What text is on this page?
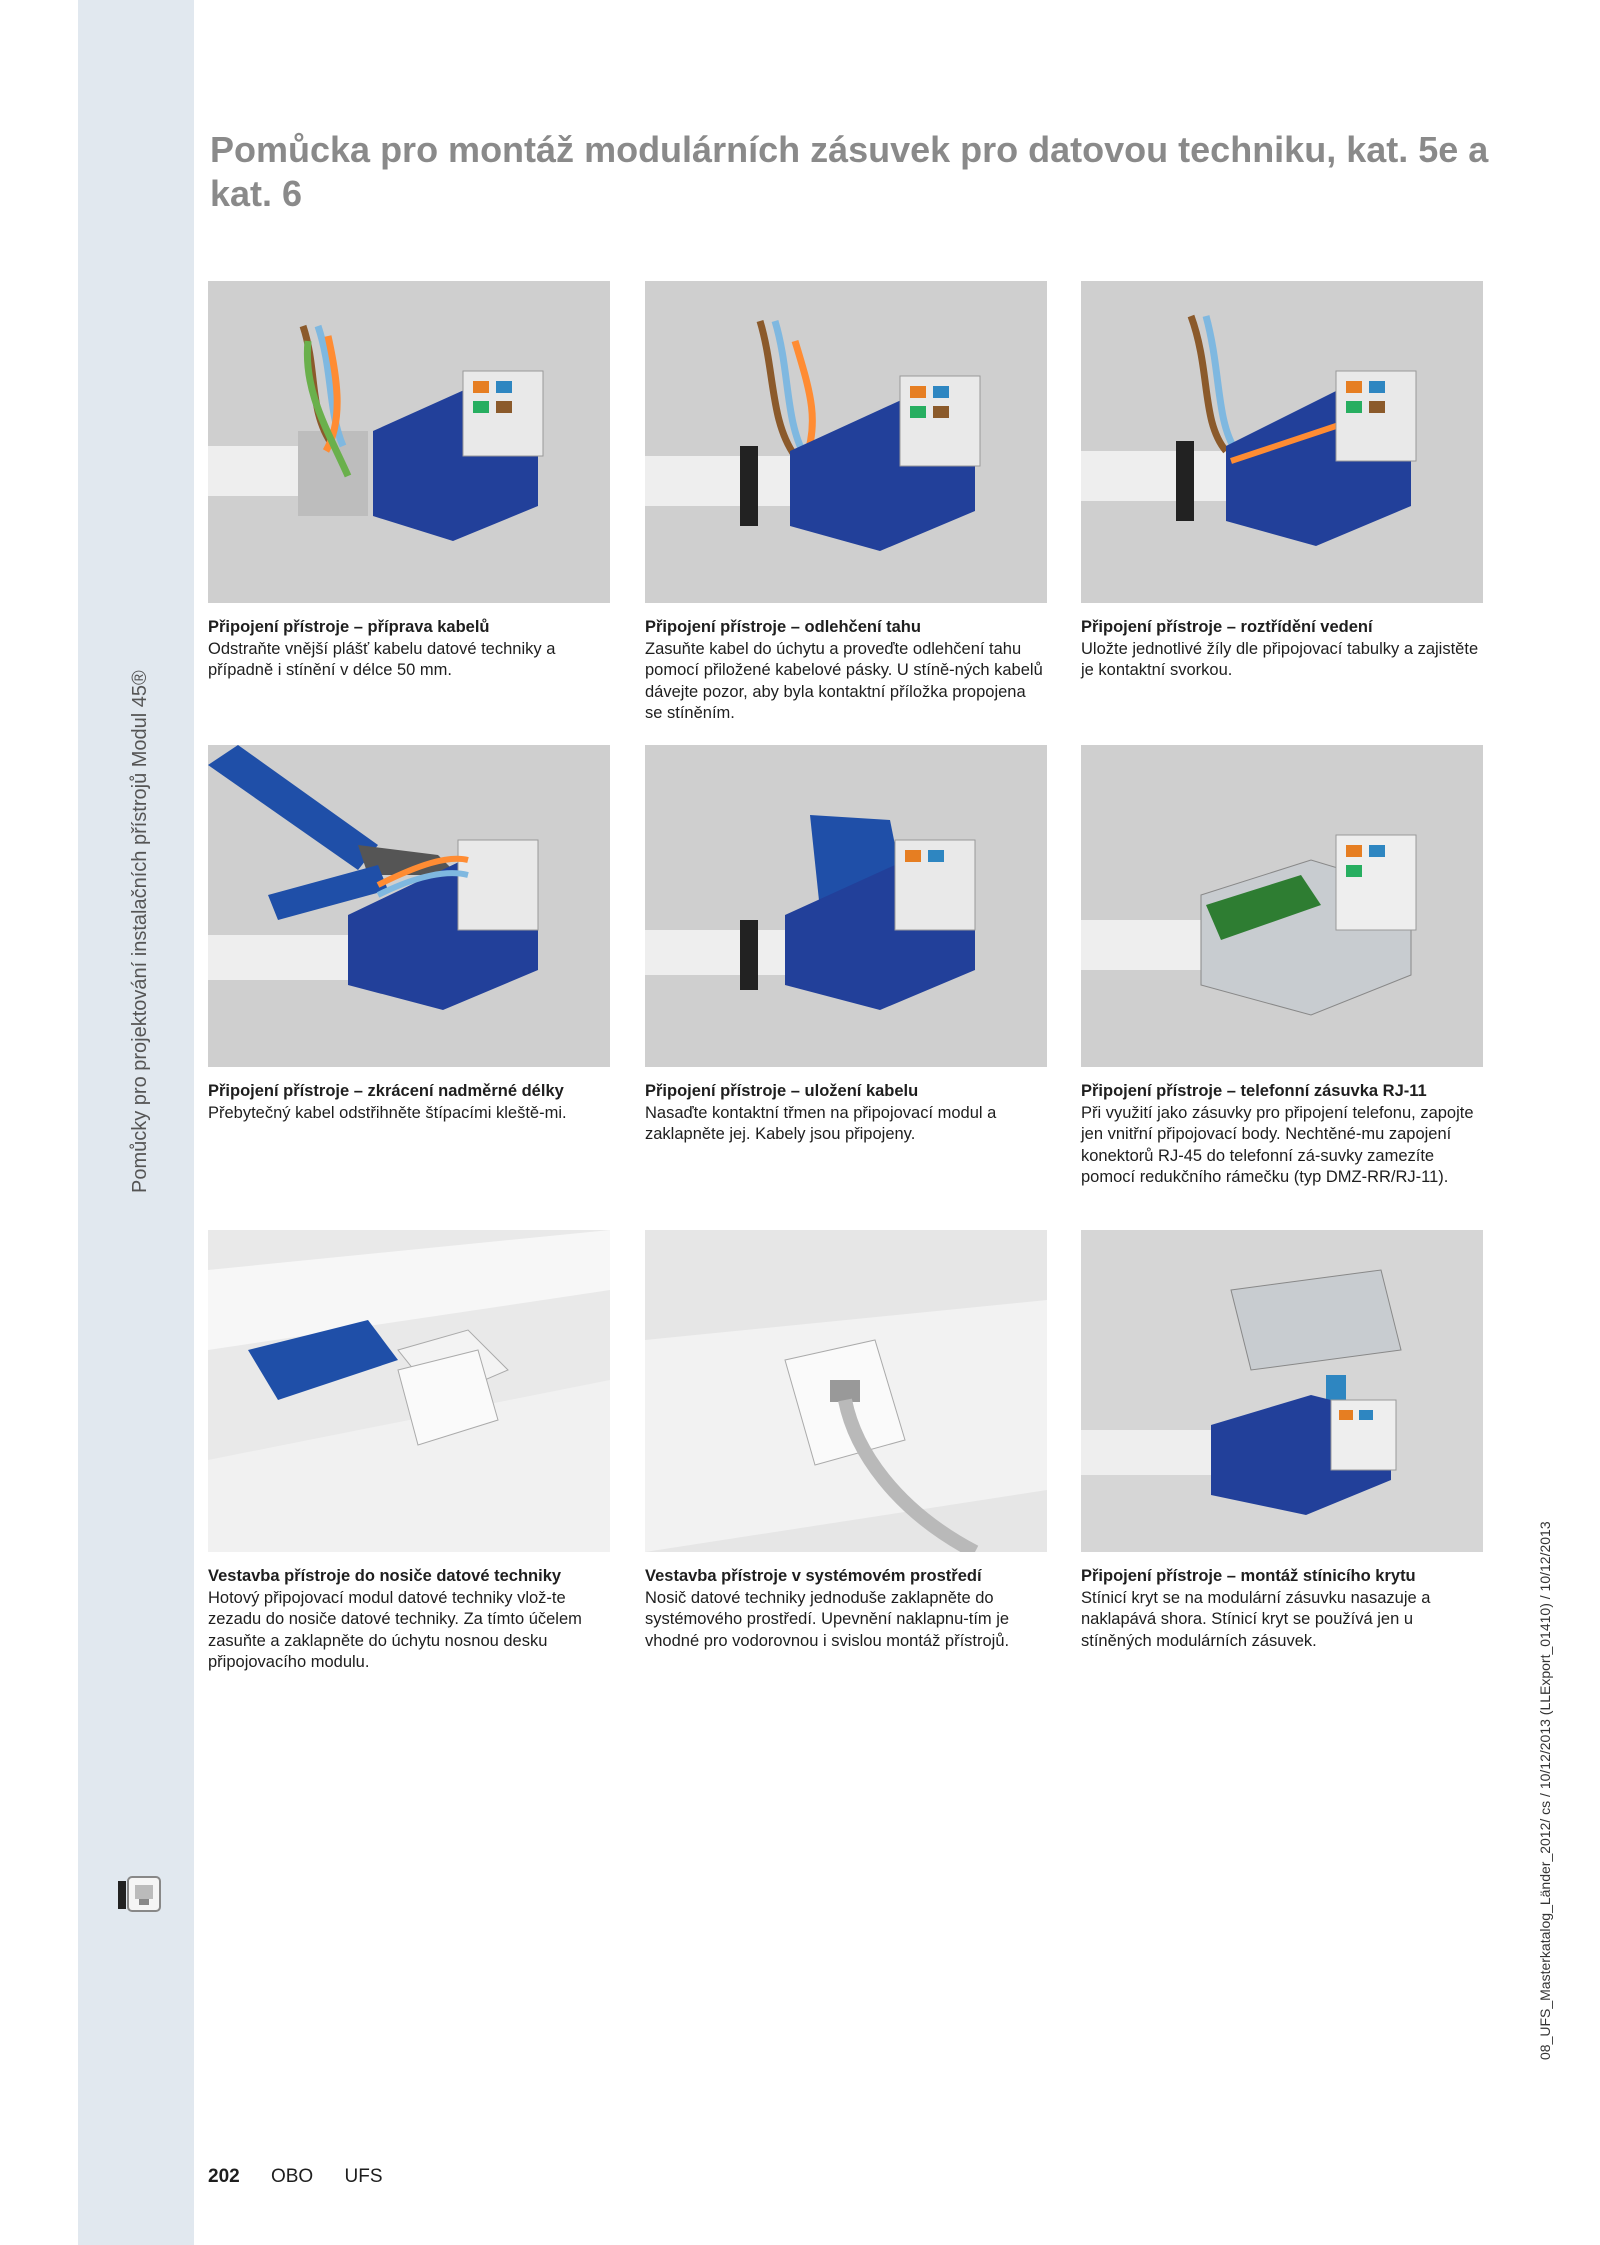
Pomůcky pro projektování instalačních přístrojů Modul 45®
Pomůcka pro montáž modulárních zásuvek pro datovou techniku, kat. 5e a kat. 6
Připojení přístroje – příprava kabelů
Odstraňte vnější plášť kabelu datové techniky a případně i stínění v délce 50 mm.
Připojení přístroje – odlehčení tahu
Zasuňte kabel do úchytu a proveďte odlehčení tahu pomocí přiložené kabelové pásky. U stíně-ných kabelů dávejte pozor, aby byla kontaktní příložka propojena se stíněním.
Připojení přístroje – roztřídění vedení
Uložte jednotlivé žíly dle připojovací tabulky a zajistěte je kontaktní svorkou.
Připojení přístroje – zkrácení nadměrné délky
Přebytečný kabel odstřihněte štípacími kleště-mi.
Připojení přístroje – uložení kabelu
Nasaďte kontaktní třmen na připojovací modul a zaklapněte jej. Kabely jsou připojeny.
Připojení přístroje – telefonní zásuvka RJ-11
Při využití jako zásuvky pro připojení telefonu, zapojte jen vnitřní připojovací body. Nechtěné-mu zapojení konektorů RJ-45 do telefonní zá-suvky zamezíte pomocí redukčního rámečku (typ DMZ-RR/RJ-11).
Vestavba přístroje do nosiče datové techniky
Hotový připojovací modul datové techniky vlož-te zezadu do nosiče datové techniky. Za tímto účelem zasuňte a zaklapněte do úchytu nosnou desku připojovacího modulu.
Vestavba přístroje v systémovém prostředí
Nosič datové techniky jednoduše zaklapněte do systémového prostředí. Upevnění naklapnu-tím je vhodné pro vodorovnou i svislou montáž přístrojů.
Připojení přístroje – montáž stínicího krytu
Stínicí kryt se na modulární zásuvku nasazuje a naklapává shora. Stínicí kryt se používá jen u stíněných modulárních zásuvek.
202 OBO UFS
08_UFS_Masterkatalog_Länder_2012/ cs / 10/12/2013 (LLExport_01410) / 10/12/2013
